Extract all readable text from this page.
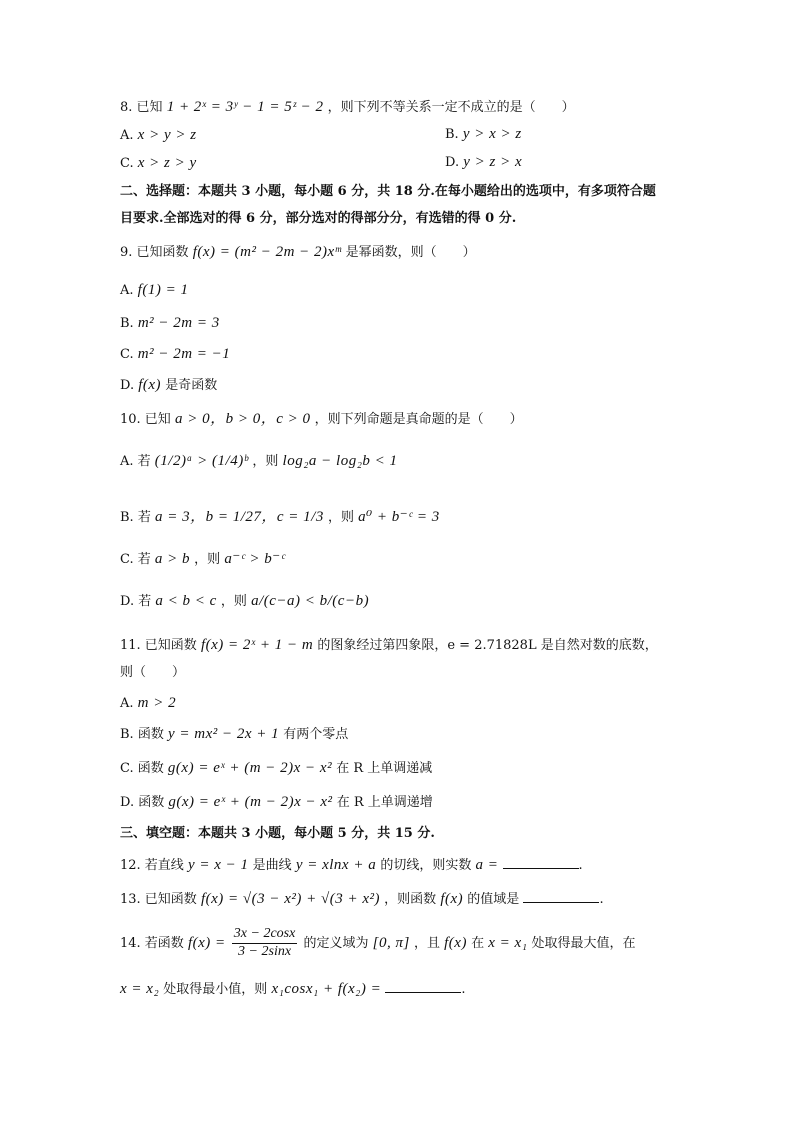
8. 已知 1 + 2ˣ = 3ʸ − 1 = 5ᶻ − 2 ，则下列不等关系一定不成立的是（　　）
A. x > y > z	B. y > x > z
C. x > z > y	D. y > z > x
二、选择题：本题共 3 小题，每小题 6 分，共 18 分.在每小题给出的选项中，有多项符合题
目要求.全部选对的得 6 分，部分选对的得部分分，有选错的得 0 分.
9. 已知函数 f(x) = (m² − 2m − 2)xᵐ 是幂函数，则（　　）
A. f(1) = 1
B. m² − 2m = 3
C. m² − 2m = −1
D. f(x) 是奇函数
10. 已知 a > 0，b > 0，c > 0 ，则下列命题是真命题的是（　　）
A. 若 (1/2)ᵃ > (1/4)ᵇ ，则 log₂a − log₂b < 1
B. 若 a = 3，b = 1/27，c = 1/3 ，则 a⁰ + b⁻ᶜ = 3
C. 若 a > b ，则 a⁻ᶜ > b⁻ᶜ
D. 若 a < b < c ，则 a/(c−a) < b/(c−b)
11. 已知函数 f(x) = 2ˣ + 1 − m 的图象经过第四象限，e = 2.71828L 是自然对数的底数，
则（　　）
A. m > 2
B. 函数 y = mx² − 2x + 1 有两个零点
C. 函数 g(x) = eˣ + (m − 2)x − x² 在 R 上单调递减
D. 函数 g(x) = eˣ + (m − 2)x − x² 在 R 上单调递增
三、填空题：本题共 3 小题，每小题 5 分，共 15 分.
12. 若直线 y = x − 1 是曲线 y = xlnx + a 的切线，则实数 a =	.
13. 已知函数 f(x) = √(3 − x²) + √(3 + x²) ，则函数 f(x) 的值域是	.
14. 若函数 $f(x) = \frac{3x - 2\cos x}{3 - 2\sin x}$ 的定义域为 [0, π] ，且 f(x) 在 x = x₁ 处取得最大值，在
x = x₂ 处取得最小值，则 x₁cosx₁ + f(x₂) =	.
